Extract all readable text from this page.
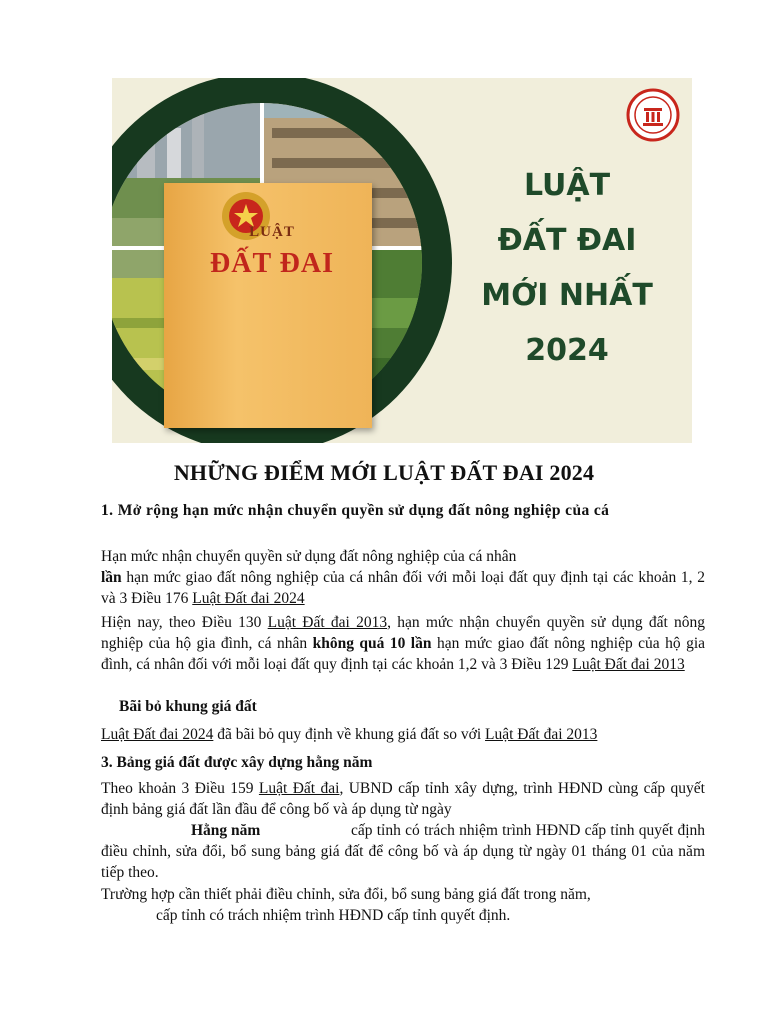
LUẬT
ĐẤT ĐAI
LUẬT
ĐẤT ĐAI
MỚI NHẤT
2024
NHỮNG ĐIỂM MỚI LUẬT ĐẤT ĐAI 2024
1. Mở rộng hạn mức nhận chuyển quyền sử dụng đất nông nghiệp của cá
Hạn mức nhận chuyển quyền sử dụng đất nông nghiệp của cá nhân
lần hạn mức giao đất nông nghiệp của cá nhân đối với mỗi loại đất quy định tại các khoản 1, 2 và 3 Điều 176 Luật Đất đai 2024
Hiện nay, theo Điều 130 Luật Đất đai 2013, hạn mức nhận chuyển quyền sử dụng đất nông nghiệp của hộ gia đình, cá nhân không quá 10 lần hạn mức giao đất nông nghiệp của hộ gia đình, cá nhân đối với mỗi loại đất quy định tại các khoản 1,2 và 3 Điều 129 Luật Đất đai 2013
Bãi bỏ khung giá đất
Luật Đất đai 2024 đã bãi bỏ quy định về khung giá đất so với Luật Đất đai 2013
3. Bảng giá đất được xây dựng hằng năm
Theo khoản 3 Điều 159 Luật Đất đai, UBND cấp tỉnh xây dựng, trình HĐND cùng cấp quyết định bảng giá đất lần đầu để công bố và áp dụng từ ngày
Hằng năm	cấp tỉnh có trách nhiệm trình HĐND cấp tỉnh quyết định điều chỉnh, sửa đổi, bổ sung bảng giá đất để công bố và áp dụng từ ngày 01 tháng 01 của năm tiếp theo.
Trường hợp cần thiết phải điều chỉnh, sửa đổi, bổ sung bảng giá đất trong năm,
cấp tỉnh có trách nhiệm trình HĐND cấp tỉnh quyết định.
